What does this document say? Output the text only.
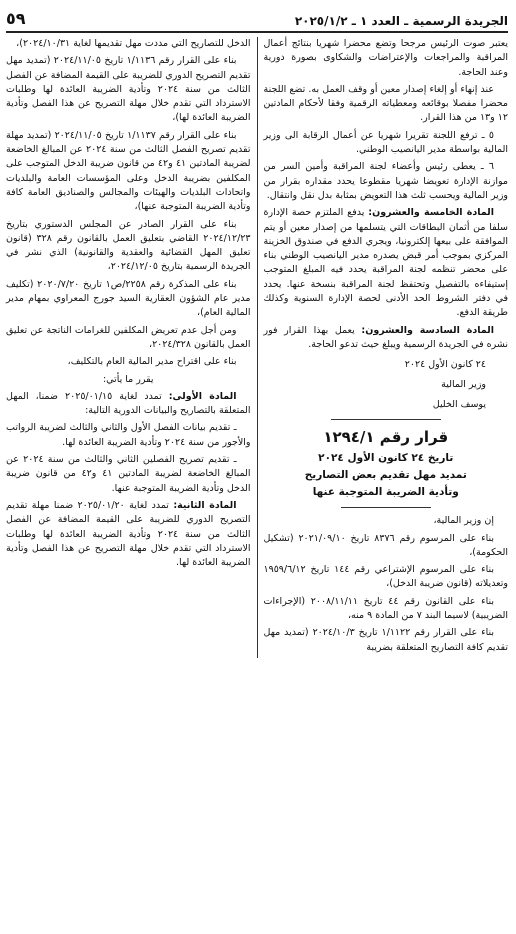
الجريدة الرسمية ـ العدد ١ ـ ٢٠٢٥/١/٢
٥٩

يعتبر صوت الرئيس مرجحا وتضع محضرا شهريا بنتائج أعمال المراقبة والمراجعات والإعتراضات والشكاوى بصورة دورية وعند الحاجة.

عند إنهاء أو إلغاء إصدار معين أو وقف العمل به. تضع اللجنة محضرا مفصلا بوقائعه ومعطياته الرقمية وفقا لأحكام المادتين ١٢ و١٣ من هذا القرار.

٥ ـ ترفع اللجنة تقريرا شهريا عن أعمال الرقابة الى وزير المالية بواسطة مدير اليانصيب الوطني.

٦ ـ يعطى رئيس وأعضاء لجنة المراقبة وأمين السر من موازنة الإدارة تعويضا شهريا مقطوعا يحدد مقداره بقرار من وزير المالية ويحسب ثلث هذا التعويض بمثابة بدل نقل وانتقال.

المادة الخامسة والعشرون: يدفع الملتزم حصة الإدارة سلفا من أثمان البطاقات التي يتسلمها من إصدار معين أو يتم الموافقة على بيعها إلكترونيا، ويجري الدفع في صندوق الخزينة المركزي بموجب أمر قبض يصدره مدير اليانصيب الوطني بناء على محضر تنظمه لجنة المراقبة يحدد فيه المبلغ المتوجب إستيفاءه بالتفصيل وتحتفظ لجنة المراقبة بنسخة عنها. يحدد في دفتر الشروط الحد الأدنى لحصة الإدارة السنوية وكذلك طريقة الدفع.

المادة السادسة والعشرون: يعمل بهذا القرار فور نشره في الجريدة الرسمية ويبلغ حيث تدعو الحاجة.

٢٤ كانون الأول ٢٠٢٤
وزير المالية
يوسف الخليل
قرار رقم ١٢٩٤/١
تاريخ ٢٤ كانون الأول ٢٠٢٤
تمديد مهل تقديم بعض التصاريح
وتأدية الضريبة المتوجبة عنها

إن وزير المالية،

بناء على المرسوم رقم ٨٣٧٦ تاريخ ٢٠٢١/٠٩/١٠ (تشكيل الحكومة)،

بناء على المرسوم الإشتراعي رقم ١٤٤ تاريخ ١٩٥٩/٦/١٢ وتعديلاته (قانون ضريبة الدخل)،

بناء على القانون رقم ٤٤ تاريخ ٢٠٠٨/١١/١١ (الإجراءات الضريبية) لاسيما البند ٧ من المادة ٩ منه،

بناء على القرار رقم ١/١١٢٢ تاريخ ٢٠٢٤/١٠/٣ (تمديد مهل تقديم كافة التصاريح المتعلقة بضريبة

الدخل للتصاريح التي مددت مهل تقديمها لغاية ٢٠٢٤/١٠/٣١)،

بناء على القرار رقم ١/١١٣٦ تاريخ ٢٠٢٤/١١/٠٥ (تمديد مهل تقديم التصريح الدوري للضريبة على القيمة المضافة عن الفصل الثالث من سنة ٢٠٢٤ وتأدية الضريبة العائدة لها وطلبات الاسترداد التي تقدم خلال مهلة التصريح عن هذا الفصل وتأدية الضريبة العائدة لها)،

بناء على القرار رقم ١/١١٣٧ تاريخ ٢٠٢٤/١١/٠٥ (تمديد مهلة تقديم تصريح الفصل الثالث من سنة ٢٠٢٤ عن المبالغ الخاضعة لضريبة المادتين ٤١ و٤٢ من قانون ضريبة الدخل المتوجب على المكلفين بضريبة الدخل وعلى المؤسسات العامة والبلديات واتحادات البلديات والهيئات والمجالس والصناديق العامة كافة وتأدية الضريبة المتوجبة عنها)،

بناء على القرار الصادر عن المجلس الدستوري بتاريخ ٢٠٢٤/١٢/٢٣ القاضي بتعليق العمل بالقانون رقم ٣٢٨ (قانون تعليق المهل القضائية والعقدية والقانونية) الذي نشر في الجريدة الرسمية بتاريخ ٢٠٢٤/١٢/٠٥،

بناء على المذكرة رقم ٢٢٥٨/ص١ تاريخ ٢٠٢٠/٧/٢٠ (تكليف مدير عام الشؤون العقارية السيد جورج المعراوي بمهام مدير المالية العام)،

ومن أجل عدم تعريض المكلفين للغرامات الناتجة عن تعليق العمل بالقانون ٢٠٢٤/٣٢٨،

بناء على اقتراح مدير المالية العام بالتكليف،

يقرر ما يأتي:

المادة الأولى: تمدد لغاية ٢٠٢٥/٠١/١٥ ضمنا، المهل المتعلقة بالتصاريح والبيانات الدورية التالية:

ـ تقديم بيانات الفصل الأول والثاني والثالث لضريبة الرواتب والأجور من سنة ٢٠٢٤ وتأدية الضريبة العائدة لها.

ـ تقديم تصريح الفصلين الثاني والثالث من سنة ٢٠٢٤ عن المبالغ الخاضعة لضريبة المادتين ٤١ و٤٢ من قانون ضريبة الدخل وتأدية الضريبة المتوجبة عنها.

المادة الثانية: تمدد لغاية ٢٠٢٥/٠١/٢٠ ضمنا مهلة تقديم التصريح الدوري للضريبة على القيمة المضافة عن الفصل الثالث من سنة ٢٠٢٤ وتأدية الضريبة العائدة لها وطلبات الاسترداد التي تقدم خلال مهلة التصريح عن هذا الفصل وتأدية الضريبة العائدة لها.
